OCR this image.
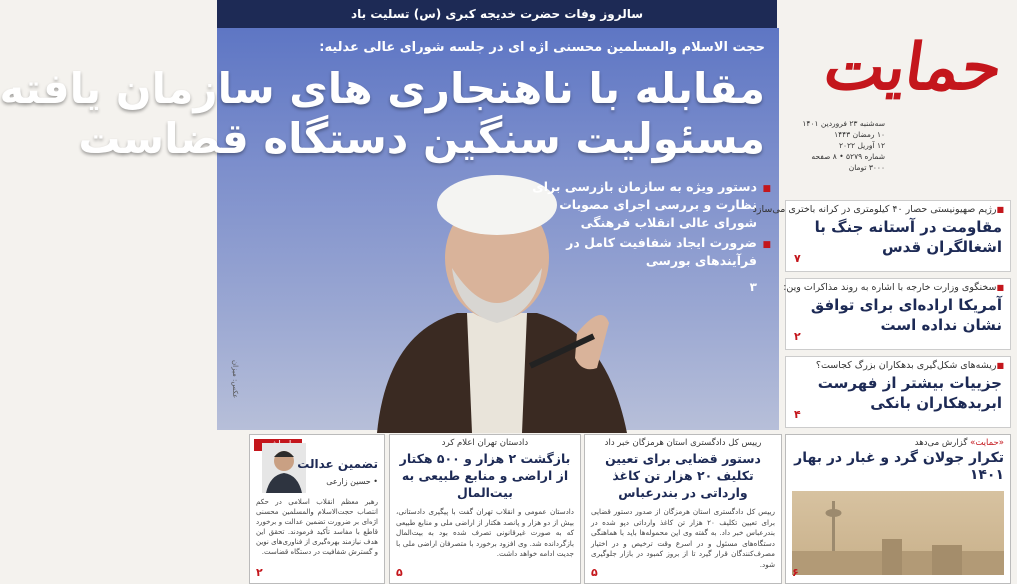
سالروز وفات حضرت خدیجه کبری (س) تسلیت باد
حجت الاسلام والمسلمین محسنی اژه ای در جلسه شورای عالی عدلیه:
مقابله با ناهنجاری های سازمان یافته
مسئولیت سنگین دستگاه قضاست
■ دستور ویژه به سازمان بازرسی برای نظارت و بررسی اجرای مصوبات شورای عالی انقلاب فرهنگی
■ ضرورت ایجاد شفافیت کامل در فرآیندهای بورسی
۳
حمایت
سه‌شنبه ۲۳ فروردین ۱۴۰۱
۱۰ رمضان ۱۴۴۳
۱۲ آوریل ۲۰۲۲
شماره ۵۲۷۹ • ۸ صفحه
۳۰۰۰ تومان
■ رژیم صهیونیستی حصار ۴۰ کیلومتری در کرانه باختری می‌سازد
مقاومت در آستانه جنگ با اشغالگران قدس
۷
■ سخنگوی وزارت خارجه با اشاره به روند مذاکرات وین:
آمریکا اراده‌ای برای توافق نشان نداده است
۲
■ ریشه‌های شکل‌گیری بدهکاران بزرگ کجاست؟
جزییات بیشتر از فهرست ابربدهکاران بانکی
۴
«حمایت» گزارش می‌دهد
تکرار جولان گرد و غبار در بهار ۱۴۰۱
۶
رییس کل دادگستری استان هرمزگان خبر داد
دستور قضایی برای تعیین تکلیف ۲۰ هزار تن کاغذ وارداتی در بندرعباس
رییس کل دادگستری استان هرمزگان از صدور دستور قضایی برای تعیین تکلیف ۲۰ هزار تن کاغذ وارداتی دپو شده در بندرعباس خبر داد. به گفته وی این محموله‌ها باید با هماهنگی دستگاه‌های مسئول و در اسرع وقت ترخیص و در اختیار مصرف‌کنندگان قرار گیرد تا از بروز کمبود در بازار جلوگیری شود.
۵
دادستان تهران اعلام کرد
بازگشت ۲ هزار و ۵۰۰ هکتار از اراضی و منابع طبیعی به بیت‌المال
دادستان عمومی و انقلاب تهران گفت با پیگیری دادستانی، بیش از دو هزار و پانصد هکتار از اراضی ملی و منابع طبیعی که به صورت غیرقانونی تصرف شده بود به بیت‌المال بازگردانده شد. وی افزود برخورد با متصرفان اراضی ملی با جدیت ادامه خواهد داشت.
۵
تضمین عدالت
• حسین زارعی
رهبر معظم انقلاب اسلامی در حکم انتصاب حجت‌الاسلام والمسلمین محسنی اژه‌ای بر ضرورت تضمین عدالت و برخورد قاطع با مفاسد تأکید فرمودند. تحقق این هدف نیازمند بهره‌گیری از فناوری‌های نوین و گسترش شفافیت در دستگاه قضاست.
۲
عکس: میزان
